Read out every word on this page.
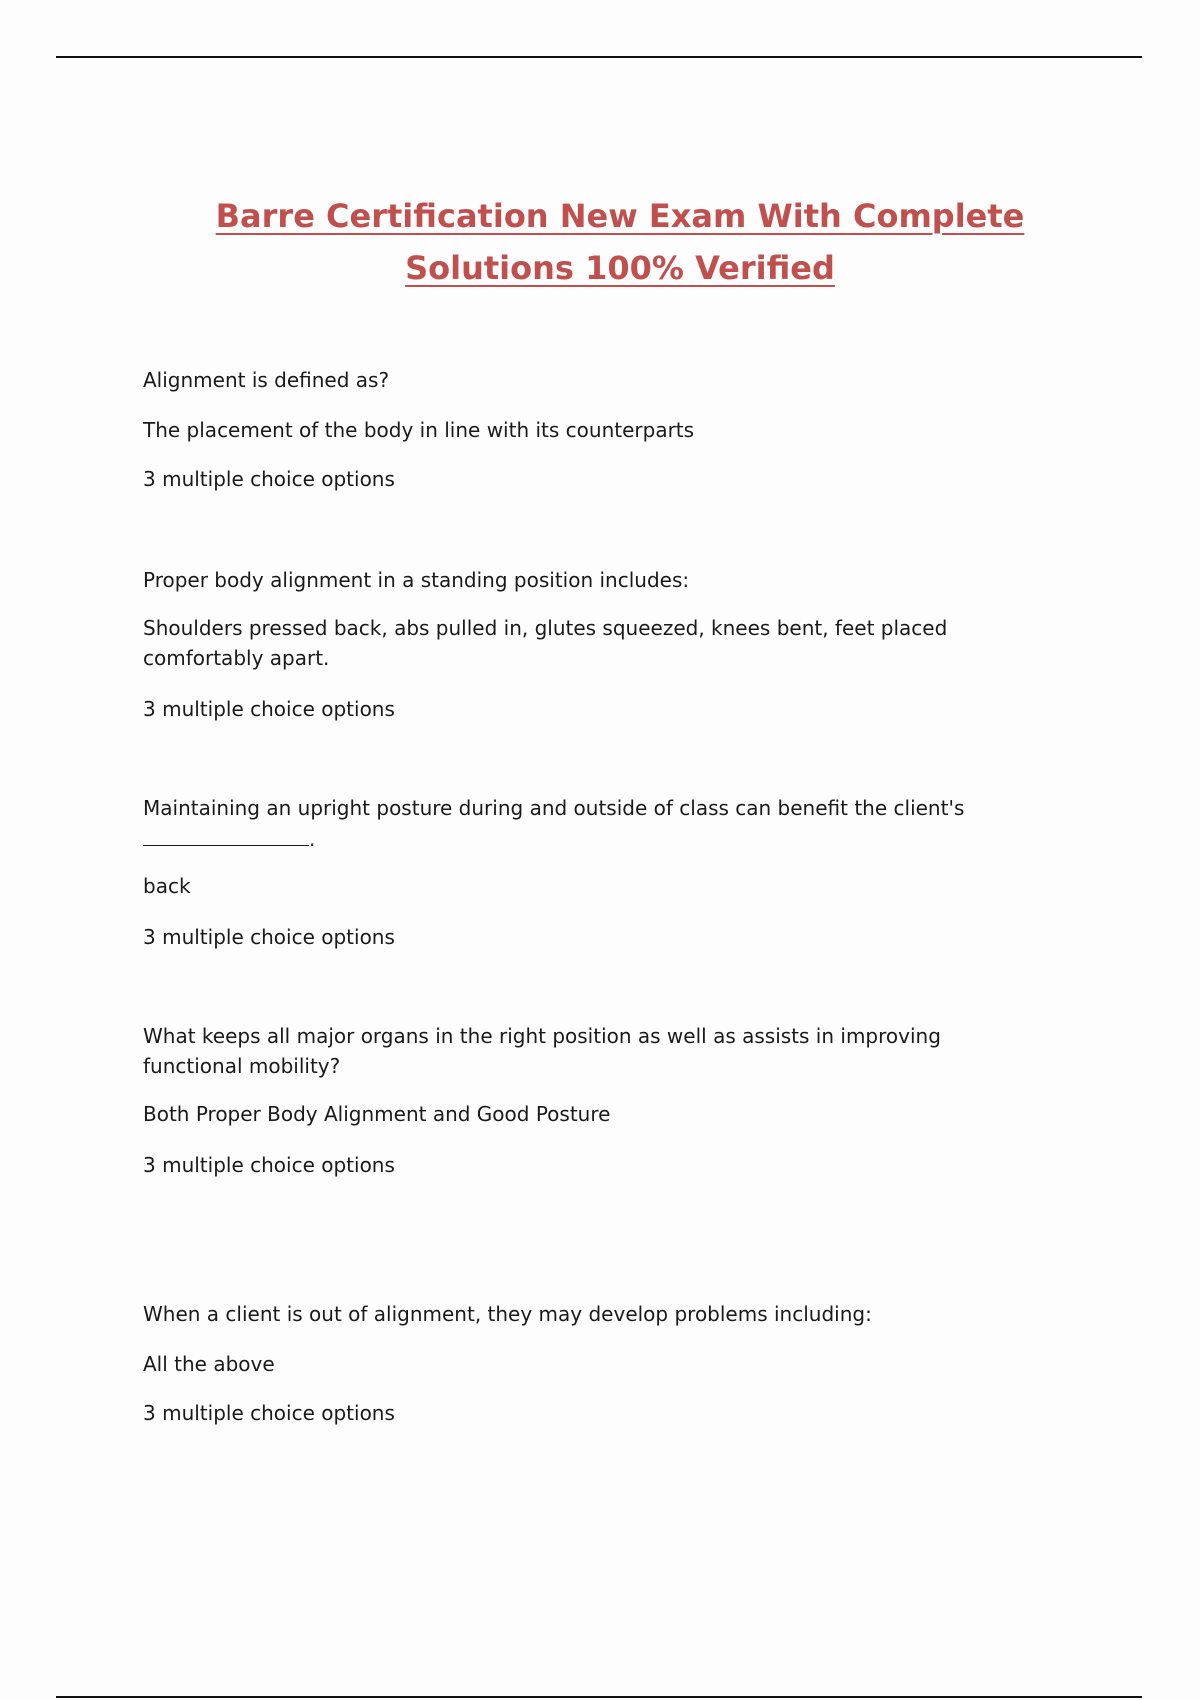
Barre Certification New Exam With Complete
Solutions 100% Verified

Alignment is defined as?

The placement of the body in line with its counterparts

3 multiple choice options

Proper body alignment in a standing position includes:

Shoulders pressed back, abs pulled in, glutes squeezed, knees bent, feet placed comfortably apart.

3 multiple choice options

Maintaining an upright posture during and outside of class can benefit the client's
.

back

3 multiple choice options

What keeps all major organs in the right position as well as assists in improving functional mobility?

Both Proper Body Alignment and Good Posture

3 multiple choice options

When a client is out of alignment, they may develop problems including:

All the above

3 multiple choice options
